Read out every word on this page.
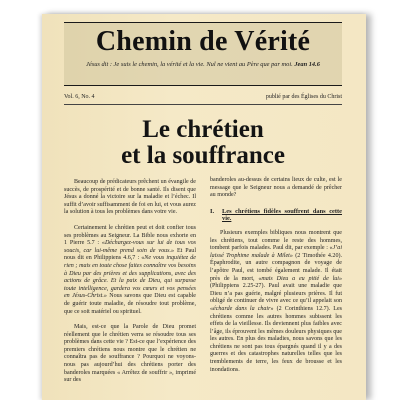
Chemin de Vérité
Jésus dit : Je suis le chemin, la vérité et la vie. Nul ne vient au Père que par moi. Jean 14.6
Vol. 6, No. 4	publié par des Églises du Christ
Le chrétien
et la souffrance

Beaucoup de prédicateurs prêchent un évangile de succès, de prospérité et de bonne santé. Ils disent que Jésus a donné la victoire sur la maladie et l’échec. Il suffit d’avoir suffisamment de foi en lui, et vous aurez la solution à tous les problèmes dans votre vie.

Certainement le chrétien peut et doit confier tous ses problèmes au Seigneur. La Bible nous exhorte en 1 Pierre 5.7 : «Déchargez-vous sur lui de tous vos soucis, car lui-même prend soin de vous.» Et Paul nous dit en Philippiens 4.6,7 : «Ne vous inquiétez de rien ; mais en toute chose faites connaître vos besoins à Dieu par des prières et des supplications, avec des actions de grâce. Et la paix de Dieu, qui surpasse toute intelligence, gardera vos cœurs et vos pensées en Jésus-Christ.» Nous savons que Dieu est capable de guérir toute maladie, de résoudre tout problème, que ce soit matériel ou spirituel.

Mais, est-ce que la Parole de Dieu promet réellement que le chrétien verra se résoudre tous ses problèmes dans cette vie ? Est-ce que l’expérience des premiers chrétiens nous montre que le chrétien ne connaîtra pas de souffrance ? Pourquoi ne voyons-nous pas aujourd’hui des chrétiens porter des banderoles marquées « Arrêtez de souffrir », imprimé sur des

banderoles au-dessus de certains lieux de culte, est le message que le Seigneur nous a demandé de prêcher au monde?

I.	Les chrétiens fidèles souffrent dans cette vie.

Plusieurs exemples bibliques nous montrent que les chrétiens, tout comme le reste des hommes, tombent parfois malades. Paul dit, par exemple : «J’ai laissé Trophime malade à Milet» (2 Timothée 4.20). Épaphrodite, un autre compagnon de voyage de l’apôtre Paul, est tombé également malade. Il était près de la mort, «mais Dieu a eu pitié de lui» (Philippiens 2.25-27). Paul avait une maladie que Dieu n’a pas guérie, malgré plusieurs prières. Il fut obligé de continuer de vivre avec ce qu’il appelait son «écharde dans la chair» (2 Corinthiens 12.7). Les chrétiens comme les autres hommes subissent les effets de la vieillesse. Ils deviennent plus faibles avec l’âge, ils éprouvent les mêmes douleurs physiques que les autres. En plus des maladies, nous savons que les chrétiens ne sont pas tous épargnés quand il y a des guerres et des catastrophes naturelles telles que les tremblements de terre, les feux de brousse et les inondations.
